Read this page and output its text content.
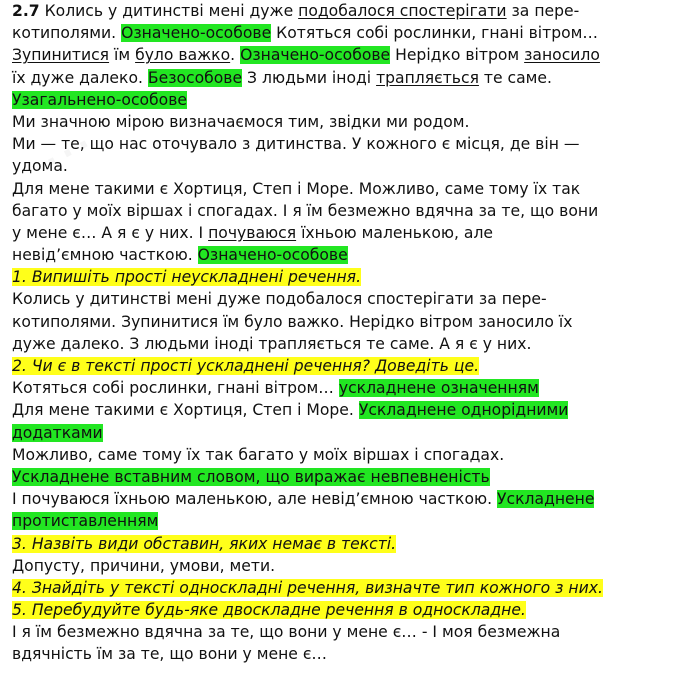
2.7 Колись у дитинстві мені дуже подобалося спостерігати за пере-
котиполями. Означено-особове Котяться собі рослинки, гнані вітром…
Зупинитися їм було важко. Означено-особове Нерідко вітром заносило
їх дуже далеко. Безособове З людьми іноді трапляється те саме.
Узагальнено-особове
Ми значною мірою визначаємося тим, звідки ми родом.
Ми — те, що нас оточувало з дитинства. У кожного є місця, де він —
удома.
Для мене такими є Хортиця, Степ і Море. Можливо, саме тому їх так
багато у моїх віршах і спогадах. І я їм безмежно вдячна за те, що вони
у мене є… А я є у них. І почуваюся їхньою маленькою, але
невід’ємною часткою. Означено-особове
1. Випишіть прості неускладнені речення.
Колись у дитинстві мені дуже подобалося спостерігати за пере-
котиполями. Зупинитися їм було важко. Нерідко вітром заносило їх
дуже далеко. З людьми іноді трапляється те саме. А я є у них.
2. Чи є в тексті прості ускладнені речення? Доведіть це.
Котяться собі рослинки, гнані вітром… ускладнене означенням
Для мене такими є Хортиця, Степ і Море. Ускладнене однорідними
додатками
Можливо, саме тому їх так багато у моїх віршах і спогадах.
Ускладнене вставним словом, що виражає невпевненість
І почуваюся їхньою маленькою, але невід’ємною часткою. Ускладнене
протиставленням
3. Назвіть види обставин, яких немає в тексті.
Допусту, причини, умови, мети.
4. Знайдіть у тексті односкладні речення, визначте тип кожного з них.
5. Перебудуйте будь-яке двоскладне речення в односкладне.
І я їм безмежно вдячна за те, що вони у мене є… - І моя безмежна
вдячність їм за те, що вони у мене є…
